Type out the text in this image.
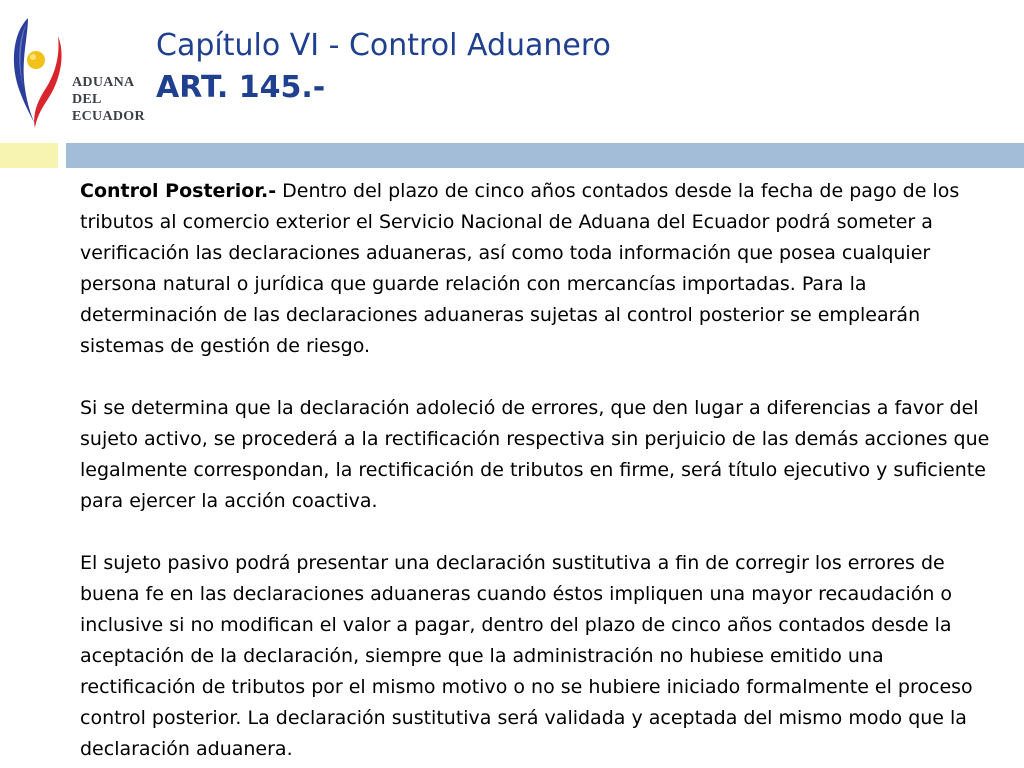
ADUANA
DEL
ECUADOR
Capítulo VI - Control Aduanero
ART. 145.-

Control Posterior.- Dentro del plazo de cinco años contados desde la fecha de pago de los tributos al comercio exterior el Servicio Nacional de Aduana del Ecuador podrá someter a verificación las declaraciones aduaneras, así como toda información que posea cualquier persona natural o jurídica que guarde relación con mercancías importadas. Para la determinación de las declaraciones aduaneras sujetas al control posterior se emplearán sistemas de gestión de riesgo.

Si se determina que la declaración adoleció de errores, que den lugar a diferencias a favor del sujeto activo, se procederá a la rectificación respectiva sin perjuicio de las demás acciones que legalmente correspondan, la rectificación de tributos en firme, será título ejecutivo y suficiente para ejercer la acción coactiva.

El sujeto pasivo podrá presentar una declaración sustitutiva a fin de corregir los errores de buena fe en las declaraciones aduaneras cuando éstos impliquen una mayor recaudación o inclusive si no modifican el valor a pagar, dentro del plazo de cinco años contados desde la aceptación de la declaración, siempre que la administración no hubiese emitido una rectificación de tributos por el mismo motivo o no se hubiere iniciado formalmente el proceso control posterior. La declaración sustitutiva será validada y aceptada del mismo modo que la declaración aduanera.
